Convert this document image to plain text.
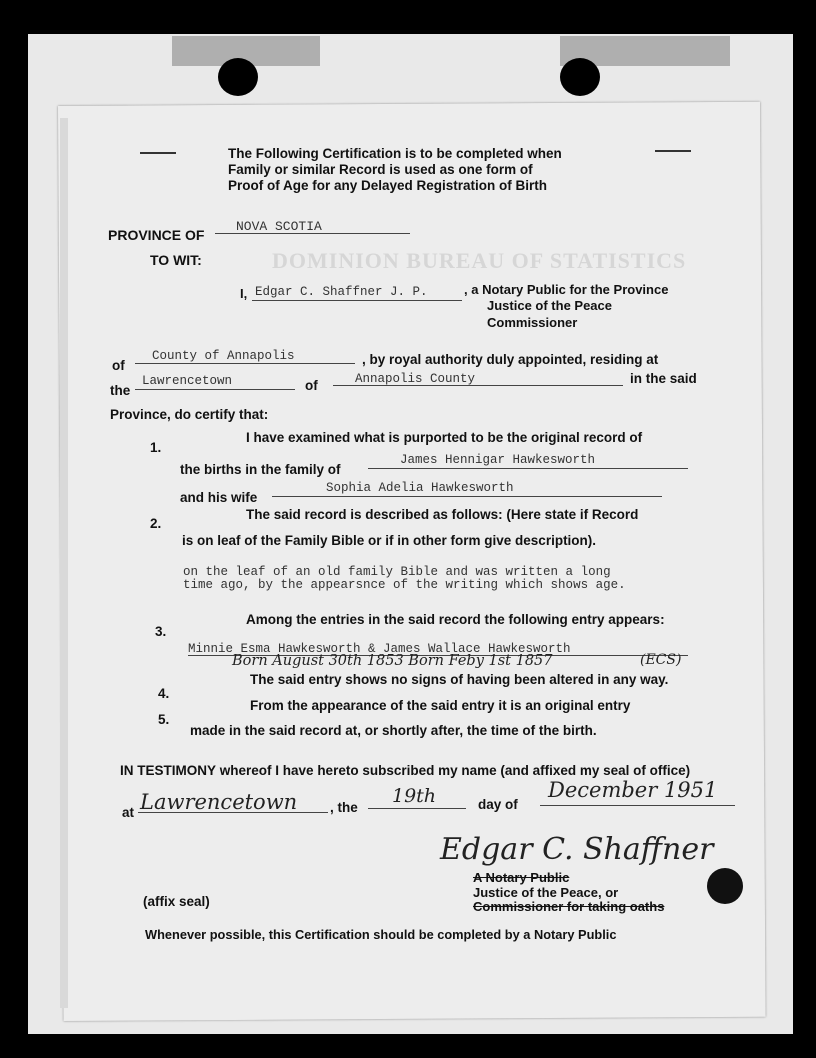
DOMINION BUREAU OF STATISTICS
The Following Certification is to be completed when
Family or similar Record is used as one form of
Proof of Age for any Delayed Registration of Birth
PROVINCE OF
NOVA SCOTIA
TO WIT:
I, Edgar C. Shaffner J. P.	, a Notary Public for the Province
Justice of the Peace
Commissioner
of
County of Annapolis	, by royal authority duly appointed, residing at
the
Lawrencetown	of	Annapolis County	in the said
Province, do certify that:
1.
I have examined what is purported to be the original record of
the births in the family of
James Hennigar Hawkesworth
and his wife
Sophia Adelia Hawkesworth
2.
The said record is described as follows: (Here state if Record
is on leaf of the Family Bible or if in other form give description).
on the leaf of an old family Bible and was written a long
time ago, by the appearsnce of the writing which shows age.
3.
Among the entries in the said record the following entry appears:
Minnie Esma Hawkesworth & James Wallace Hawkesworth
Born August 30th 1853 Born Feby 1st 1857	(ECS)
4.
The said entry shows no signs of having been altered in any way.
5.
From the appearance of the said entry it is an original entry
made in the said record at, or shortly after, the time of the birth.
IN TESTIMONY whereof I have hereto subscribed my name (and affixed my seal of office)
at Lawrencetown , the
19th	day of
December 1951
Edgar C. Shaffner
A Notary Public
Justice of the Peace, or
Commissioner for taking oaths
(affix seal)
Whenever possible, this Certification should be completed by a Notary Public
